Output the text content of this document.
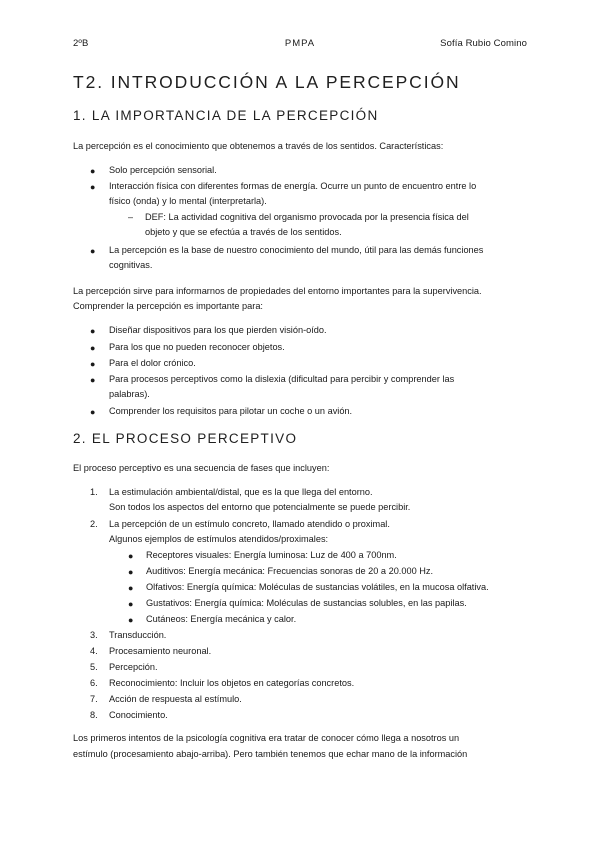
2ºB	PMPA	Sofía Rubio Comino
T2. INTRODUCCIÓN A LA PERCEPCIÓN
1. LA IMPORTANCIA DE LA PERCEPCIÓN
La percepción es el conocimiento que obtenemos a través de los sentidos. Características:
● Solo percepción sensorial.
● Interacción física con diferentes formas de energía. Ocurre un punto de encuentro entre lo
físico (onda) y lo mental (interpretarla).
– DEF: La actividad cognitiva del organismo provocada por la presencia física del
objeto y que se efectúa a través de los sentidos.
● La percepción es la base de nuestro conocimiento del mundo, útil para las demás funciones
cognitivas.
La percepción sirve para informarnos de propiedades del entorno importantes para la supervivencia.
Comprender la percepción es importante para:
● Diseñar dispositivos para los que pierden visión-oído.
● Para los que no pueden reconocer objetos.
● Para el dolor crónico.
● Para procesos perceptivos como la dislexia (dificultad para percibir y comprender las
palabras).
● Comprender los requisitos para pilotar un coche o un avión.
2. EL PROCESO PERCEPTIVO
El proceso perceptivo es una secuencia de fases que incluyen:
1. La estimulación ambiental/distal, que es la que llega del entorno.
Son todos los aspectos del entorno que potencialmente se puede percibir.
2. La percepción de un estímulo concreto, llamado atendido o proximal.
Algunos ejemplos de estímulos atendidos/proximales:
● Receptores visuales: Energía luminosa: Luz de 400 a 700nm.
● Auditivos: Energía mecánica: Frecuencias sonoras de 20 a 20.000 Hz.
● Olfativos: Energía química: Moléculas de sustancias volátiles, en la mucosa olfativa.
● Gustativos: Energía química: Moléculas de sustancias solubles, en las papilas.
● Cutáneos: Energía mecánica y calor.
3. Transducción.
4. Procesamiento neuronal.
5. Percepción.
6. Reconocimiento: Incluir los objetos en categorías concretos.
7. Acción de respuesta al estímulo.
8. Conocimiento.
Los primeros intentos de la psicología cognitiva era tratar de conocer cómo llega a nosotros un
estímulo (procesamiento abajo-arriba). Pero también tenemos que echar mano de la información
